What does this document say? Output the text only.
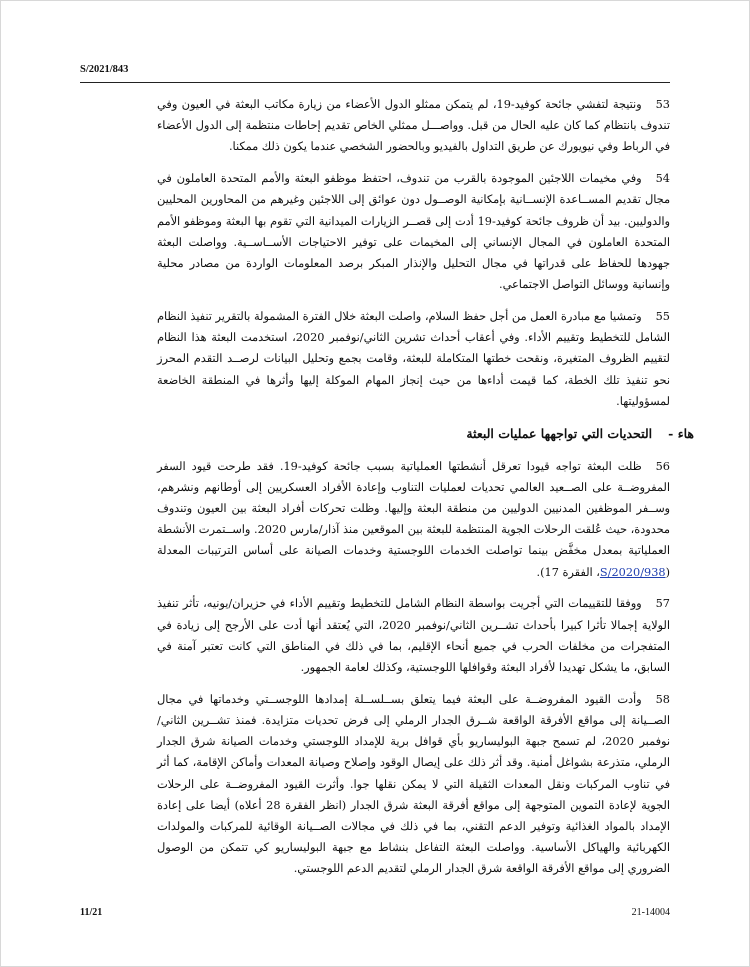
S/2021/843

53ونتيجة لتفشي جائحة كوفيد-19، لم يتمكن ممثلو الدول الأعضاء من زيارة مكاتب البعثة في العيون وفي تندوف بانتظام كما كان عليه الحال من قبل. وواصـــل ممثلي الخاص تقديم إحاطات منتظمة إلى الدول الأعضاء في الرباط وفي نيويورك عن طريق التداول بالفيديو وبالحضور الشخصي عندما يكون ذلك ممكنا.

54وفي مخيمات اللاجئين الموجودة بالقرب من تندوف، احتفظ موظفو البعثة والأمم المتحدة العاملون في مجال تقديم المســاعدة الإنســانية بإمكانية الوصــول دون عوائق إلى اللاجئين وغيرهم من المحاورين المحليين والدوليين. بيد أن ظروف جائحة كوفيد-19 أدت إلى قصــر الزيارات الميدانية التي تقوم بها البعثة وموظفو الأمم المتحدة العاملون في المجال الإنساني إلى المخيمات على توفير الاحتياجات الأســاســية. وواصلت البعثة جهودها للحفاظ على قدراتها في مجال التحليل والإنذار المبكر برصد المعلومات الواردة من مصادر محلية وإنسانية ووسائل التواصل الاجتماعي.

55وتمشيا مع مبادرة العمل من أجل حفظ السلام، واصلت البعثة خلال الفترة المشمولة بالتقرير تنفيذ النظام الشامل للتخطيط وتقييم الأداء. وفي أعقاب أحداث تشرين الثاني/نوفمبر 2020، استخدمت البعثة هذا النظام لتقييم الظروف المتغيرة، ونقحت خطتها المتكاملة للبعثة، وقامت بجمع وتحليل البيانات لرصــد التقدم المحرز نحو تنفيذ تلك الخطة، كما قيمت أداءها من حيث إنجاز المهام الموكلة إليها وأثرها في المنطقة الخاضعة لمسؤوليتها.

هاء -التحديات التي تواجهها عمليات البعثة

56ظلت البعثة تواجه قيودا تعرقل أنشطتها العملياتية بسبب جائحة كوفيد-19. فقد طرحت قيود السفر المفروضــة على الصــعيد العالمي تحديات لعمليات التناوب وإعادة الأفراد العسكريين إلى أوطانهم ونشرهم، وســفر الموظفين المدنيين الدوليين من منطقة البعثة وإليها. وظلت تحركات أفراد البعثة بين العيون وتندوف محدودة، حيث عُلقت الرحلات الجوية المنتظمة للبعثة بين الموقعين منذ آذار/مارس 2020. واســتمرت الأنشطة العملياتية بمعدل مخفَّض بينما تواصلت الخدمات اللوجستية وخدمات الصيانة على أساس الترتيبات المعدلة (S/2020/938، الفقرة 17).

57ووفقا للتقييمات التي أجريت بواسطة النظام الشامل للتخطيط وتقييم الأداء في حزيران/يونيه، تأثر تنفيذ الولاية إجمالا تأثرا كبيرا بأحداث تشــرين الثاني/نوفمبر 2020، التي يُعتقد أنها أدت على الأرجح إلى زيادة في المتفجرات من مخلفات الحرب في جميع أنحاء الإقليم، بما في ذلك في المناطق التي كانت تعتبر آمنة في السابق، ما يشكل تهديدا لأفراد البعثة وقوافلها اللوجستية، وكذلك لعامة الجمهور.

58وأدت القيود المفروضــة على البعثة فيما يتعلق بســلســلة إمدادها اللوجســتي وخدماتها في مجال الصــيانة إلى مواقع الأفرقة الواقعة شــرق الجدار الرملي إلى فرض تحديات متزايدة. فمنذ تشــرين الثاني/نوفمبر 2020، لم تسمح جبهة البوليساريو بأي قوافل برية للإمداد اللوجستي وخدمات الصيانة شرق الجدار الرملي، متذرعة بشواغل أمنية. وقد أثر ذلك على إيصال الوقود وإصلاح وصيانة المعدات وأماكن الإقامة، كما أثر في تناوب المركبات ونقل المعدات الثقيلة التي لا يمكن نقلها جوا. وأثرت القيود المفروضــة على الرحلات الجوية لإعادة التموين المتوجهة إلى مواقع أفرقة البعثة شرق الجدار (انظر الفقرة 28 أعلاه) أيضا على إعادة الإمداد بالمواد الغذائية وتوفير الدعم التقني، بما في ذلك في مجالات الصــيانة الوقائية للمركبات والمولدات الكهربائية والهياكل الأساسية. وواصلت البعثة التفاعل بنشاط مع جبهة البوليساريو كي تتمكن من الوصول الضروري إلى مواقع الأفرقة الواقعة شرق الجدار الرملي لتقديم الدعم اللوجستي.

11/21	21-14004
